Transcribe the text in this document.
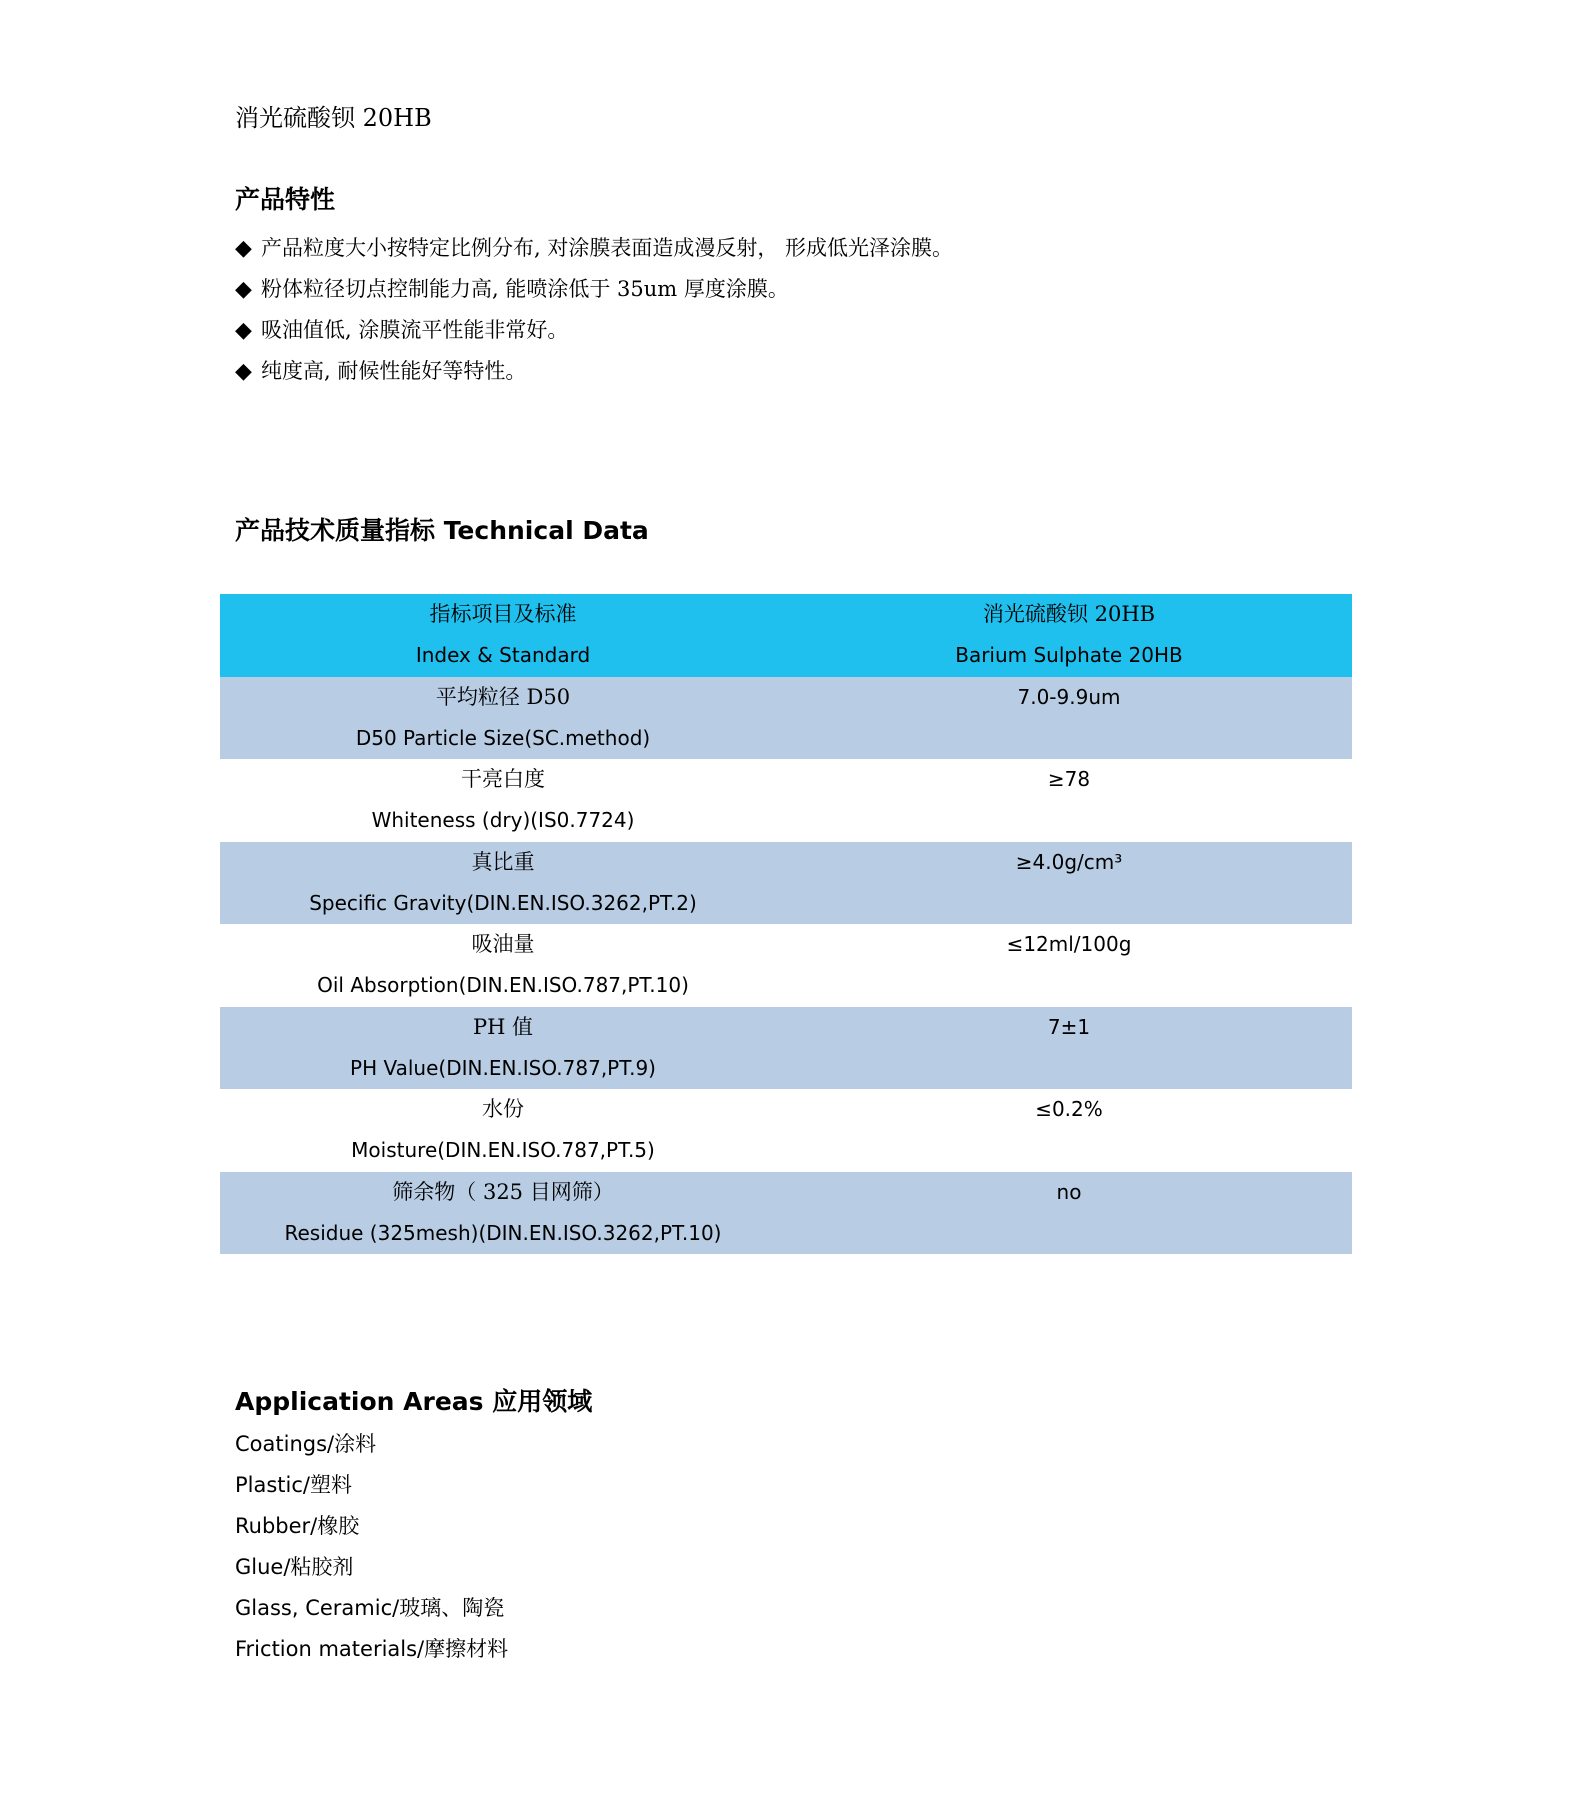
消光硫酸钡 20HB
产品特性
◆ 产品粒度大小按特定比例分布, 对涂膜表面造成漫反射， 形成低光泽涂膜。
◆ 粉体粒径切点控制能力高, 能喷涂低于 35um 厚度涂膜。
◆ 吸油值低, 涂膜流平性能非常好。
◆ 纯度高, 耐候性能好等特性。
产品技术质量指标 Technical Data
指标项目及标准
Index & Standard
消光硫酸钡 20HB
Barium Sulphate 20HB
平均粒径 D50
D50 Particle Size(SC.method)
7.0-9.9um
干亮白度
Whiteness (dry)(IS0.7724)
≥78
真比重
Specific Gravity(DIN.EN.ISO.3262,PT.2)
≥4.0g/cm³
吸油量
Oil Absorption(DIN.EN.ISO.787,PT.10)
≤12ml/100g
PH 值
PH Value(DIN.EN.ISO.787,PT.9)
7±1
水份
Moisture(DIN.EN.ISO.787,PT.5)
≤0.2%
筛余物（ 325 目网筛）
Residue (325mesh)(DIN.EN.ISO.3262,PT.10)
no
Application Areas 应用领域
Coatings/涂料
Plastic/塑料
Rubber/橡胶
Glue/粘胶剂
Glass, Ceramic/玻璃、陶瓷
Friction materials/摩擦材料
